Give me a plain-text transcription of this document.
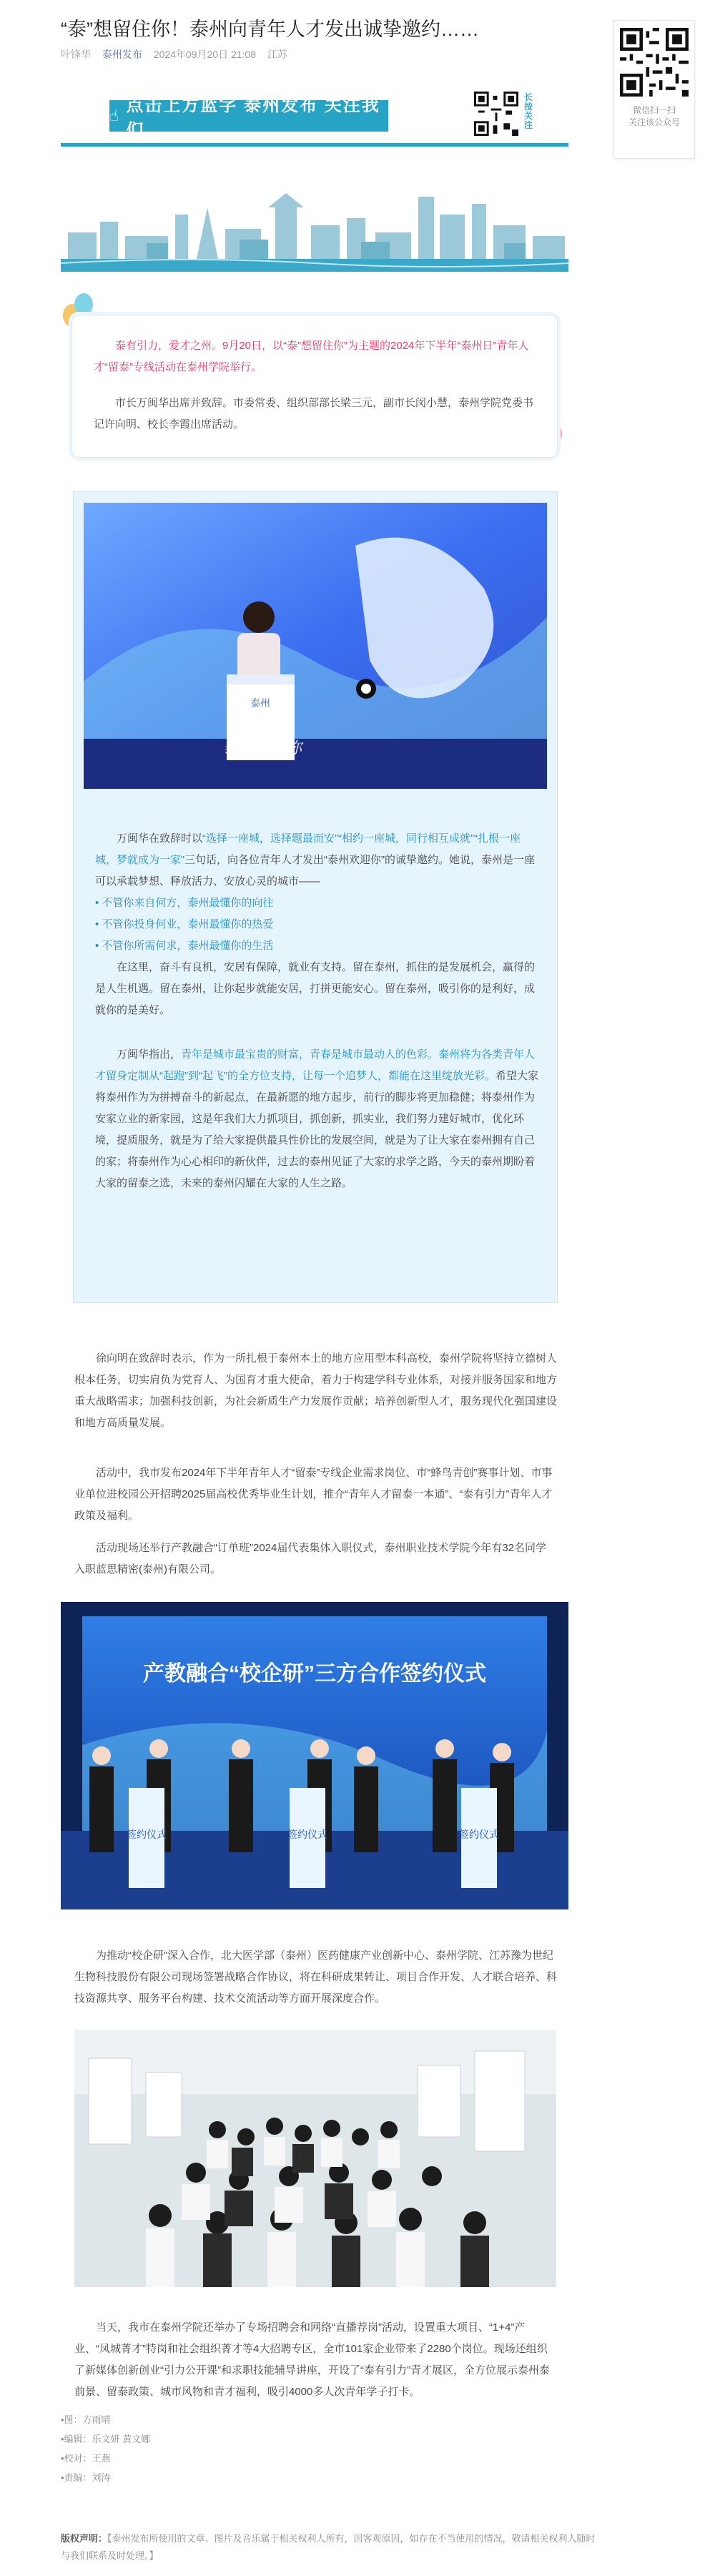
“泰”想留住你！泰州向青年人才发出诚挚邀约……
叶锋华 泰州发布 2024年09月20日 21:08 江苏
微信扫一扫
关注该公众号
☝
点击上方蓝字 泰州发布 关注我们
长按关注

泰有引力，爱才之州。9月20日，以“泰”想留住你”为主题的2024年下半年“泰州日”青年人才“留泰”专线活动在泰州学院举行。

市长万闽华出席并致辞。市委常委、组织部部长梁三元，副市长闵小慧，泰州学院党委书记许向明、校长李霞出席活动。

泰州
泰想留住你

万闽华在致辞时以“选择一座城，选择题最而安”“相约一座城，同行相互成就”“扎根一座城，梦就成为一家”三句话，向各位青年人才发出“泰州欢迎你”的诚挚邀约。她说，泰州是一座可以承载梦想、释放活力、安放心灵的城市——

• 不管你来自何方，泰州最懂你的向往
• 不管你投身何业，泰州最懂你的热爱
• 不管你所需何求，泰州最懂你的生活

在这里，奋斗有良机，安居有保障，就业有支持。留在泰州，抓住的是发展机会，赢得的是人生机遇。留在泰州，让你起步就能安居，打拼更能安心。留在泰州，吸引你的是利好，成就你的是美好。

万闽华指出，青年是城市最宝贵的财富，青春是城市最动人的色彩。泰州将为各类青年人才留身定制从“起跑”到“起飞”的全方位支持，让每一个追梦人，都能在这里绽放光彩。希望大家将泰州作为为拼搏奋斗的新起点，在最新愿的地方起步，前行的脚步将更加稳健；将泰州作为安家立业的新家园，这是年我们大力抓项目，抓创新，抓实业，我们努力建好城市，优化环境，提质服务，就是为了给大家提供最具性价比的发展空间，就是为了让大家在泰州拥有自己的家；将泰州作为心心相印的新伙伴，过去的泰州见证了大家的求学之路，今天的泰州期盼着大家的留泰之选，未来的泰州闪耀在大家的人生之路。

徐向明在致辞时表示，作为一所扎根于泰州本土的地方应用型本科高校，泰州学院将坚持立德树人根本任务，切实肩负为党育人、为国育才重大使命，着力于构建学科专业体系，对接并服务国家和地方重大战略需求；加强科技创新，为社会新质生产力发展作贡献；培养创新型人才，服务现代化强国建设和地方高质量发展。

活动中，我市发布2024年下半年青年人才“留泰”专线企业需求岗位、市“蜂鸟青创”赛事计划、市事业单位进校园公开招聘2025届高校优秀毕业生计划，推介“青年人才留泰一本通”、“泰有引力”青年人才政策及福利。

活动现场还举行产教融合“订单班”2024届代表集体入职仪式，泰州职业技术学院今年有32名同学入职蓝思精密(泰州)有限公司。

产教融合“校企研”三方合作签约仪式
签约仪式	签约仪式	签约仪式

为推动“校企研”深入合作，北大医学部（泰州）医药健康产业创新中心、泰州学院、江苏豫为世纪生物科技股份有限公司现场签署战略合作协议，将在科研成果转让、项目合作开发、人才联合培养、科技资源共享、服务平台构建、技术交流活动等方面开展深度合作。

当天，我市在泰州学院还举办了专场招聘会和网络“直播荐岗”活动，设置重大项目、“1+4”产业、“凤城菁才”特岗和社会组织菁才等4大招聘专区，全市101家企业带来了2280个岗位。现场还组织了新媒体创新创业“引力公开课”和求职技能辅导讲座，开设了“泰有引力”青才展区，全方位展示泰州泰前景、留泰政策、城市风物和青才福利，吸引4000多人次青年学子打卡。

•图：方雨晴
•编辑：乐文妍 黄文娜
•校对：王燕
•责编：刘涛
版权声明：【泰州发布所使用的文章、图片及音乐属于相关权利人所有，因客观原因，如存在不当使用的情况，敬请相关权利人随时与我们联系及时处理。】
